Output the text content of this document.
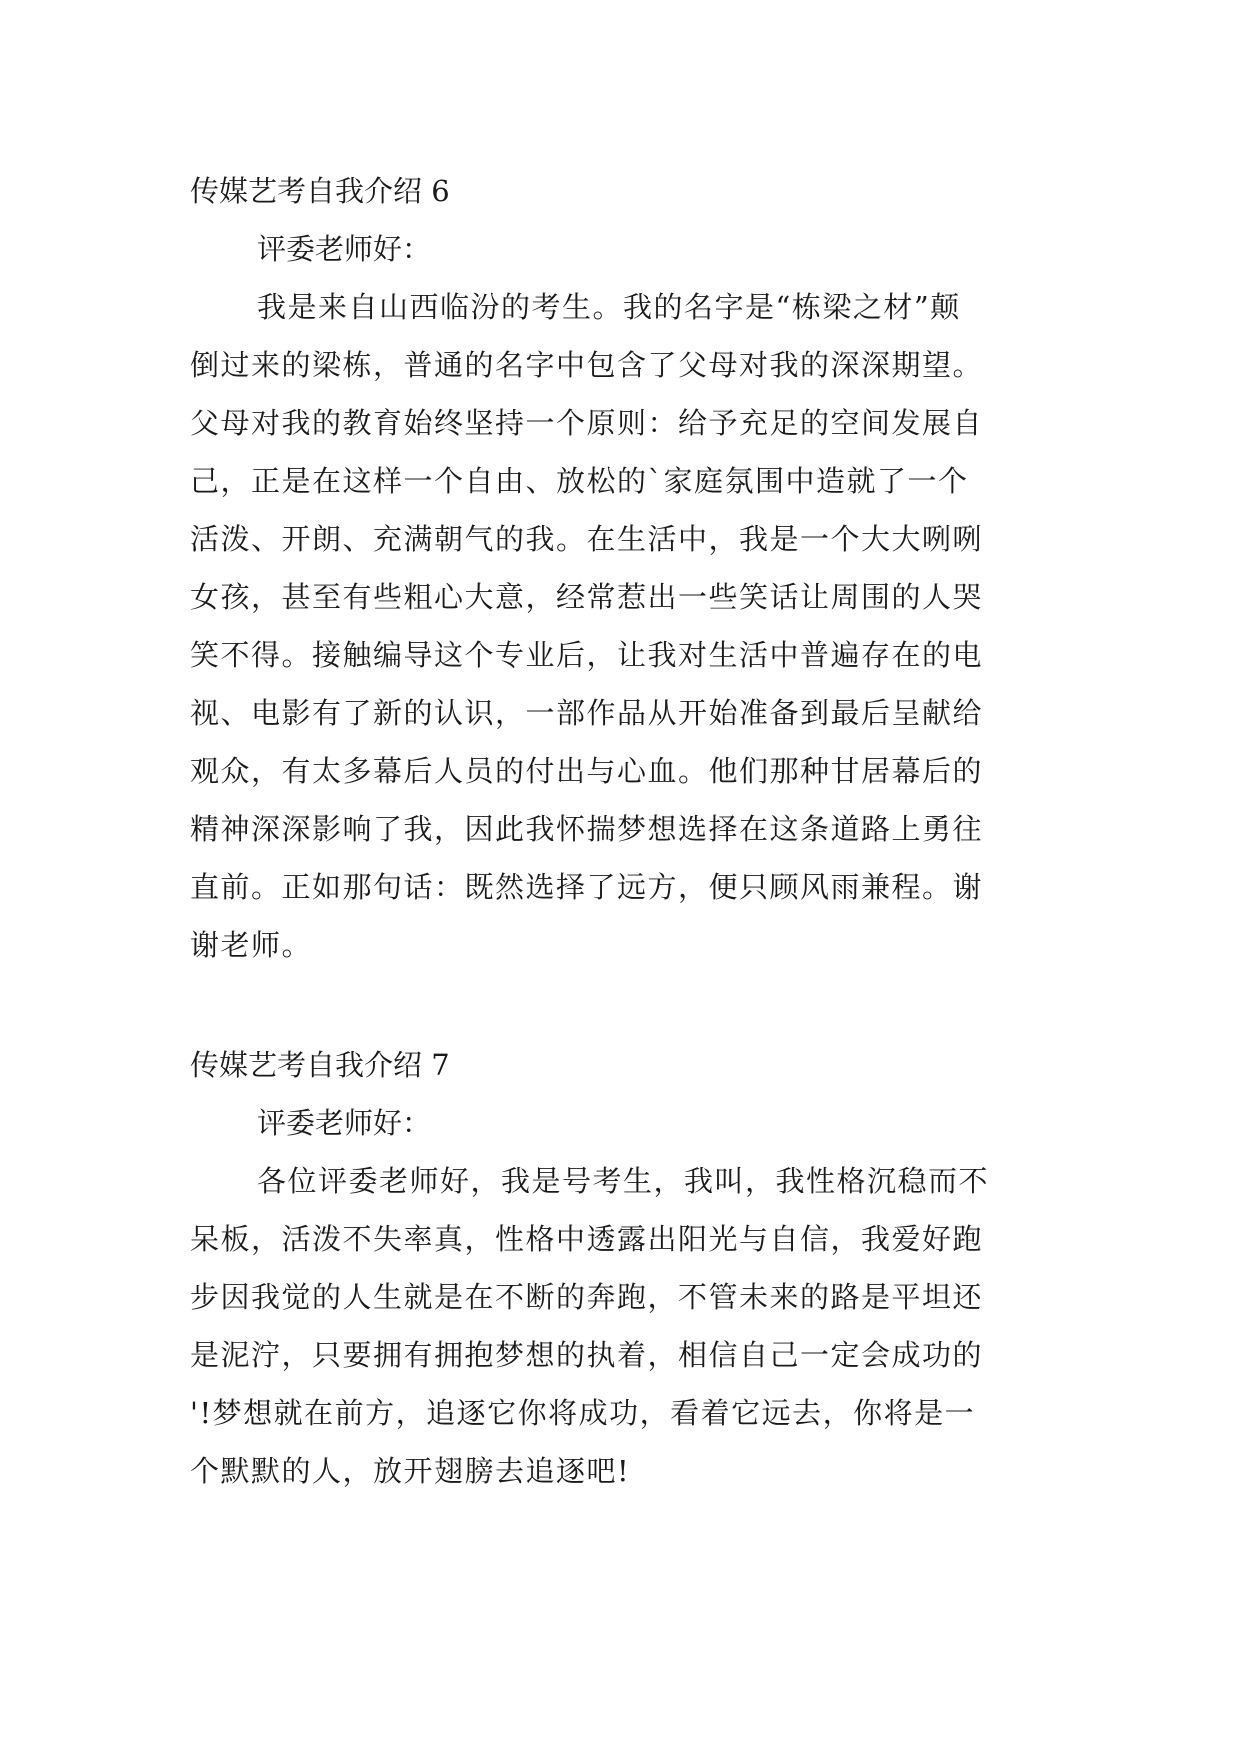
传媒艺考自我介绍 6

评委老师好：

我是来自山西临汾的考生。我的名字是“栋梁之材”颠
倒过来的梁栋，普通的名字中包含了父母对我的深深期望。
父母对我的教育始终坚持一个原则：给予充足的空间发展自
己，正是在这样一个自由、放松的`家庭氛围中造就了一个
活泼、开朗、充满朝气的我。在生活中，我是一个大大咧咧
女孩，甚至有些粗心大意，经常惹出一些笑话让周围的人哭
笑不得。接触编导这个专业后，让我对生活中普遍存在的电
视、电影有了新的认识，一部作品从开始准备到最后呈献给
观众，有太多幕后人员的付出与心血。他们那种甘居幕后的
精神深深影响了我，因此我怀揣梦想选择在这条道路上勇往
直前。正如那句话：既然选择了远方，便只顾风雨兼程。谢
谢老师。

传媒艺考自我介绍 7

评委老师好：

各位评委老师好，我是号考生，我叫，我性格沉稳而不
呆板，活泼不失率真，性格中透露出阳光与自信，我爱好跑
步因我觉的人生就是在不断的奔跑，不管未来的路是平坦还
是泥泞，只要拥有拥抱梦想的执着，相信自己一定会成功的
'!梦想就在前方，追逐它你将成功，看着它远去，你将是一
个默默的人，放开翅膀去追逐吧!
